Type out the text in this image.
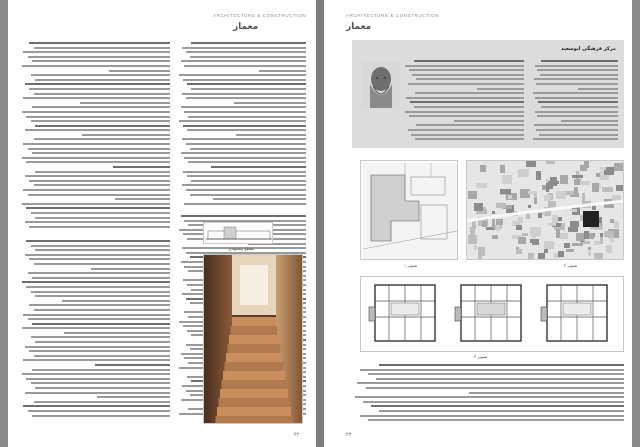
ARCHITECTURE & CONSTRUCTION
معمار
مقطع پیشنهادی
۴۲
ARCHITECTURE & CONSTRUCTION
معمار
مرکز فرهنگی ابوسعید
تصویر ۱	تصویر ۲
تصویر ۳
۴۳
